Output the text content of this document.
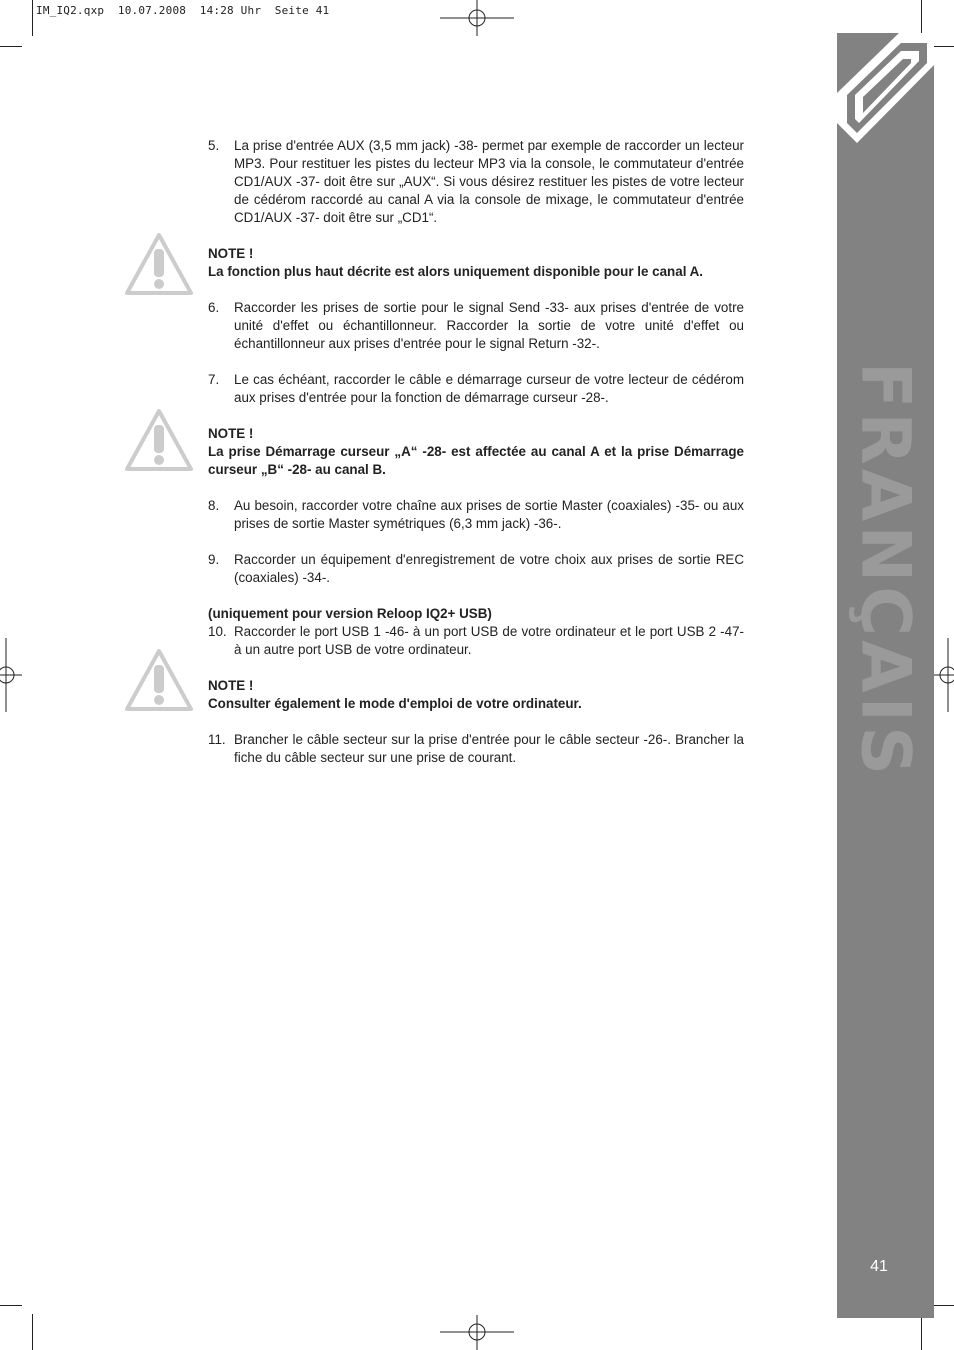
IM_IQ2.qxp  10.07.2008  14:28 Uhr  Seite 41
FRANÇAIS
41
5.	La prise d'entrée AUX (3,5 mm jack) -38- permet par exemple de raccorder un lecteur MP3. Pour restituer les pistes du lecteur MP3 via la console, le commutateur d'entrée CD1/AUX -37- doit être sur „AUX“. Si vous désirez restituer les pistes de votre lecteur de cédérom raccordé au canal A via la console de mixage, le commutateur d'entrée CD1/AUX -37- doit être sur „CD1“.
NOTE !
La fonction plus haut décrite est alors uniquement disponible pour le canal A.
6.	Raccorder les prises de sortie pour le signal Send -33- aux prises d'entrée de votre unité d'effet ou échantillonneur. Raccorder la sortie de votre unité d'effet ou échantillonneur aux prises d'entrée pour le signal Return -32-.
7.	Le cas échéant, raccorder le câble e démarrage curseur de votre lecteur de cédérom aux prises d'entrée pour la fonction de démarrage curseur -28-.
NOTE !
La prise Démarrage curseur „A“ -28- est affectée au canal A et la prise Démarrage curseur „B“ -28- au canal B.
8.	Au besoin, raccorder votre chaîne aux prises de sortie Master (coaxiales) -35- ou aux prises de sortie Master symétriques (6,3 mm jack) -36-.
9.	Raccorder un équipement d'enregistrement de votre choix aux prises de sortie REC (coaxiales) -34-.
(uniquement pour version Reloop IQ2+ USB)
10. Raccorder le port USB 1 -46- à un port USB de votre ordinateur et le port USB 2 -47- à un autre port USB de votre ordinateur.
NOTE !
Consulter également le mode d'emploi de votre ordinateur.
11. Brancher le câble secteur sur la prise d'entrée pour le câble secteur -26-. Brancher la fiche du câble secteur sur une prise de courant.
